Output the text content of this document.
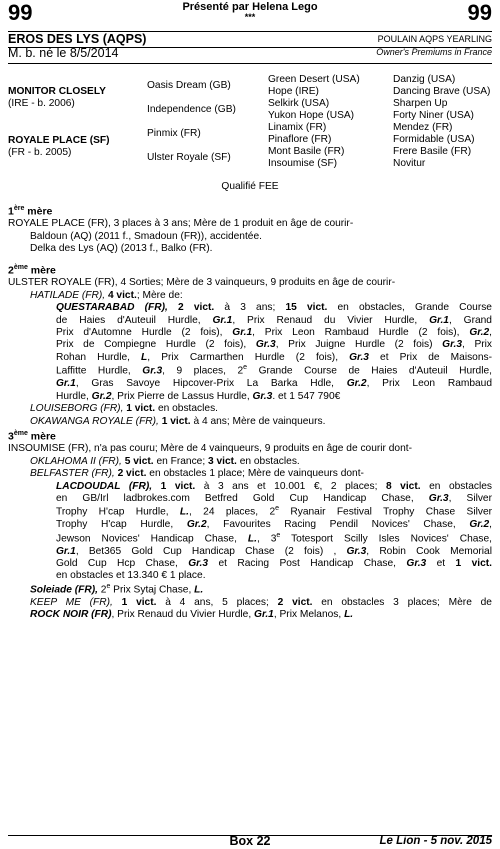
99	99
Présenté par Helena Lego
***
EROS DES LYS (AQPS)
M. b. né le 8/5/2014
POULAIN AQPS YEARLING
Owner's Premiums in France
MONITOR CLOSELY
(IRE - b. 2006)
ROYALE PLACE (SF)
(FR - b. 2005)
Oasis Dream (GB)
Independence (GB)
Pinmix (FR)
Ulster Royale (SF)
Green Desert (USA)
Hope (IRE)
Selkirk (USA)
Yukon Hope (USA)
Linamix (FR)
Pinaflore (FR)
Mont Basile (FR)
Insoumise (SF)
Danzig (USA)
Dancing Brave (USA)
Sharpen Up
Forty Niner (USA)
Mendez (FR)
Formidable (USA)
Frere Basile (FR)
Novitur
Qualifié FEE
1ère mère
ROYALE PLACE (FR), 3 places à 3 ans; Mère de 1 produit en âge de courir-
Baldoun (AQ) (2011 f., Smadoun (FR)), accidentée.
Delka des Lys (AQ) (2013 f., Balko (FR).
2ème mère
ULSTER ROYALE (FR), 4 Sorties; Mère de 3 vainqueurs, 9 produits en âge de courir-
HATILADE (FR), 4 vict.; Mère de:
QUESTARABAD (FR), 2 vict. à 3 ans; 15 vict. en obstacles, Grande Course
de Haies d'Auteuil Hurdle, Gr.1, Prix Renaud du Vivier Hurdle, Gr.1, Grand
Prix d'Automne Hurdle (2 fois), Gr.1, Prix Leon Rambaud Hurdle (2 fois), Gr.2,
Prix de Compiegne Hurdle (2 fois), Gr.3, Prix Juigne Hurdle (2 fois) Gr.3, Prix
Rohan Hurdle, L, Prix Carmarthen Hurdle (2 fois), Gr.3 et Prix de Maisons-
Laffitte Hurdle, Gr.3, 9 places, 2e Grande Course de Haies d'Auteuil Hurdle,
Gr.1, Gras Savoye Hipcover-Prix La Barka Hdle, Gr.2, Prix Leon Rambaud
Hurdle, Gr.2, Prix Pierre de Lassus Hurdle, Gr.3. et 1 547 790€
LOUISEBORG (FR), 1 vict. en obstacles.
OKAWANGA ROYALE (FR), 1 vict. à 4 ans; Mère de vainqueurs.
3ème mère
INSOUMISE (FR), n'a pas couru; Mère de 4 vainqueurs, 9 produits en âge de courir dont-
OKLAHOMA II (FR), 5 vict. en France; 3 vict. en obstacles.
BELFASTER (FR), 2 vict. en obstacles 1 place; Mère de vainqueurs dont-
LACDOUDAL (FR), 1 vict. à 3 ans et 10.001 €, 2 places; 8 vict. en obstacles
en GB/Irl ladbrokes.com Betfred Gold Cup Handicap Chase, Gr.3, Silver
Trophy H'cap Hurdle, L., 24 places, 2e Ryanair Festival Trophy Chase Silver
Trophy H'cap Hurdle, Gr.2, Favourites Racing Pendil Novices' Chase, Gr.2,
Jewson Novices' Handicap Chase, L., 3e Totesport Scilly Isles Novices' Chase,
Gr.1, Bet365 Gold Cup Handicap Chase (2 fois) , Gr.3, Robin Cook Memorial
Gold Cup Hcp Chase, Gr.3 et Racing Post Handicap Chase, Gr.3 et 1 vict.
en obstacles et 13.340 € 1 place.
Soleiade (FR), 2e Prix Sytaj Chase, L.
KEEP ME (FR), 1 vict. à 4 ans, 5 places; 2 vict. en obstacles 3 places; Mère de
ROCK NOIR (FR), Prix Renaud du Vivier Hurdle, Gr.1, Prix Melanos, L.
Box 22	Le Lion - 5 nov. 2015
